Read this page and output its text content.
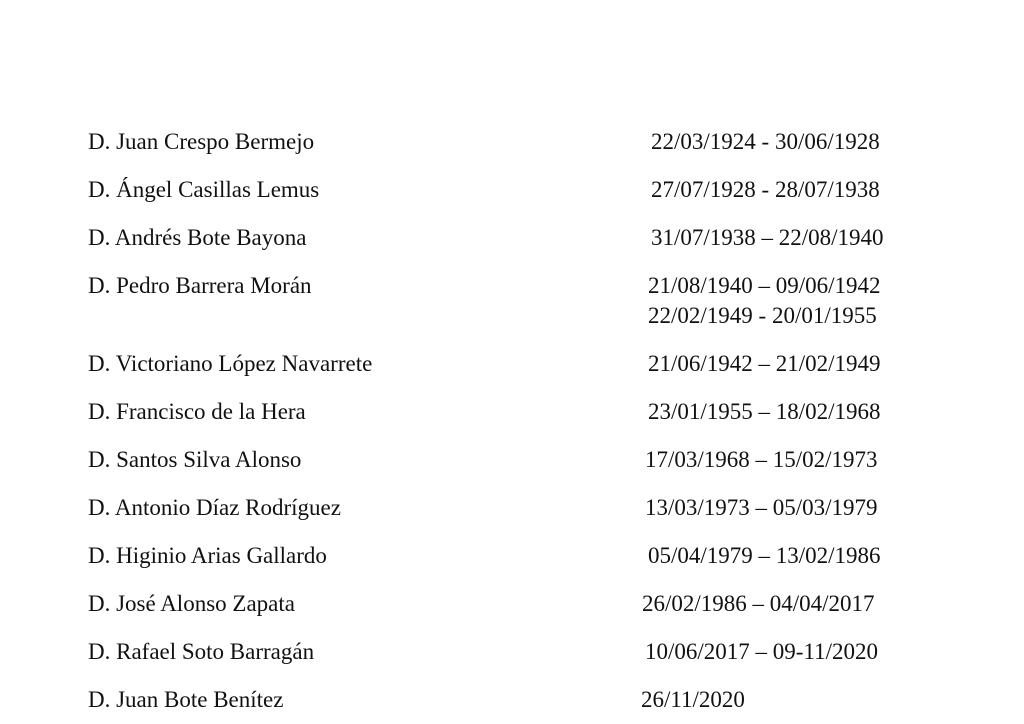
D. Juan Crespo Bermejo	22/03/1924 - 30/06/1928
D. Ángel Casillas Lemus	27/07/1928 - 28/07/1938
D. Andrés Bote Bayona	31/07/1938 – 22/08/1940
D. Pedro Barrera Morán	21/08/1940 – 09/06/1942
22/02/1949 - 20/01/1955
D. Victoriano López Navarrete	21/06/1942 – 21/02/1949
D. Francisco de la Hera	23/01/1955 – 18/02/1968
D. Santos Silva Alonso	17/03/1968 – 15/02/1973
D. Antonio Díaz Rodríguez	13/03/1973 – 05/03/1979
D. Higinio Arias Gallardo	05/04/1979 – 13/02/1986
D. José Alonso Zapata	26/02/1986 – 04/04/2017
D. Rafael Soto Barragán	10/06/2017 – 09-11/2020
D. Juan Bote Benítez	26/11/2020
